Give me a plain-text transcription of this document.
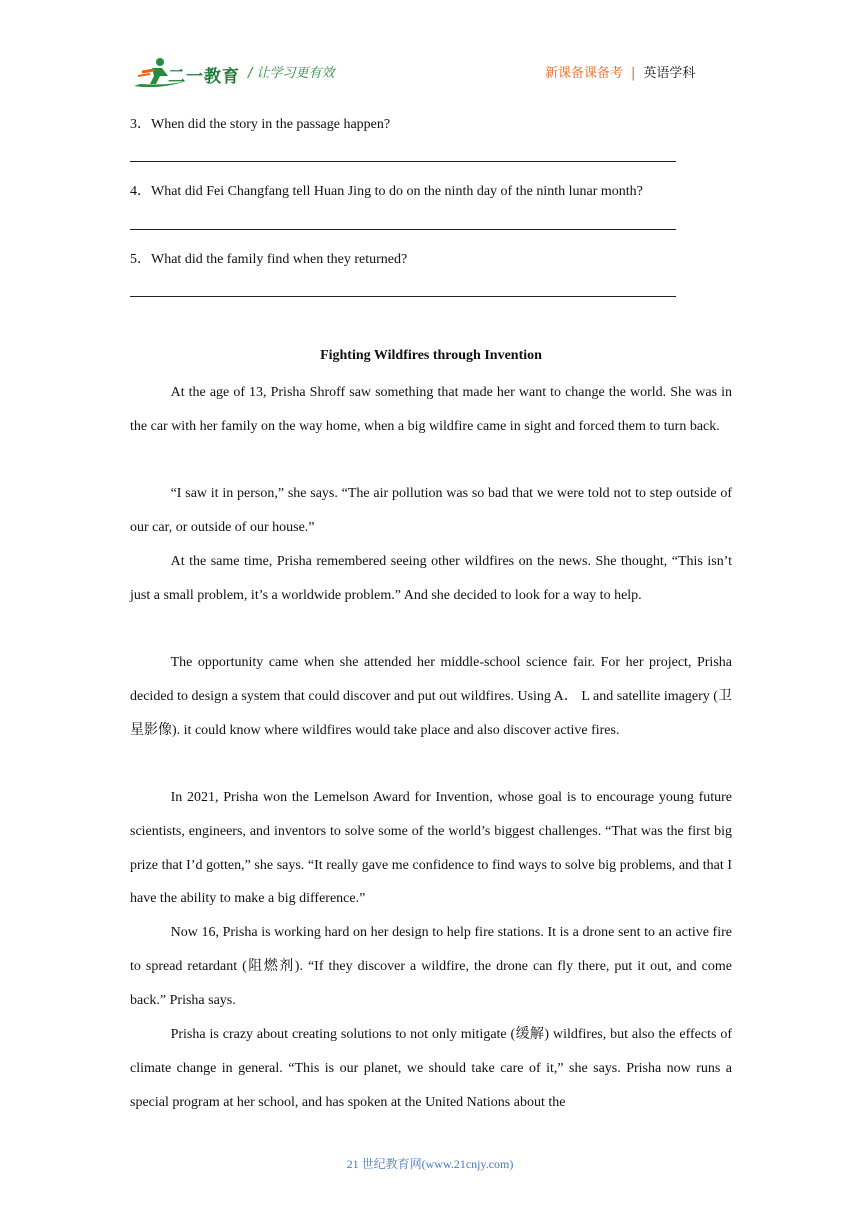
二一教育 / 让学习更有效	新课备课备考 | 英语学科
3．When did the story in the passage happen?
4．What did Fei Changfang tell Huan Jing to do on the ninth day of the ninth lunar month?
5．What did the family find when they returned?
Fighting Wildfires through Invention

At the age of 13, Prisha Shroff saw something that made her want to change the world. She was in the car with her family on the way home, when a big wildfire came in sight and forced them to turn back.

“I saw it in person,” she says. “The air pollution was so bad that we were told not to step outside of our car, or outside of our house.”

At the same time, Prisha remembered seeing other wildfires on the news. She thought, “This isn’t just a small problem, it’s a worldwide problem.” And she decided to look for a way to help.

The opportunity came when she attended her middle-school science fair. For her project, Prisha decided to design a system that could discover and put out wildfires. Using A． L and satellite imagery (卫星影像). it could know where wildfires would take place and also discover active fires.

In 2021, Prisha won the Lemelson Award for Invention, whose goal is to encourage young future scientists, engineers, and inventors to solve some of the world’s biggest challenges. “That was the first big prize that I’d gotten,” she says. “It really gave me confidence to find ways to solve big problems, and that I have the ability to make a big difference.”

Now 16, Prisha is working hard on her design to help fire stations. It is a drone sent to an active fire to spread retardant (阻燃剂). “If they discover a wildfire, the drone can fly there, put it out, and come back.” Prisha says.

Prisha is crazy about creating solutions to not only mitigate (缓解) wildfires, but also the effects of climate change in general. “This is our planet, we should take care of it,” she says. Prisha now runs a special program at her school, and has spoken at the United Nations about the

21 世纪教育网(www.21cnjy.com)
